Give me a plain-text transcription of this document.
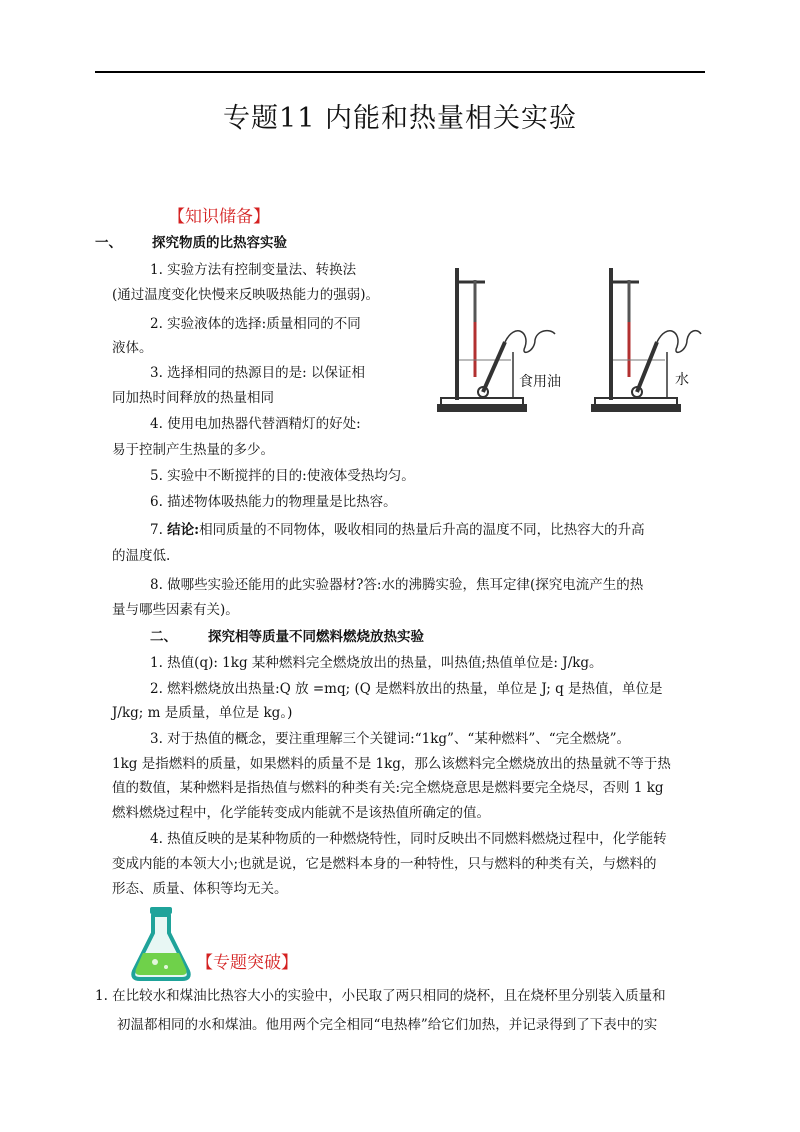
专题11 内能和热量相关实验
【知识储备】
一、 探究物质的比热容实验
1. 实验方法有控制变量法、转换法
(通过温度变化快慢来反映吸热能力的强弱)。
2. 实验液体的选择:质量相同的不同
液体。
3. 选择相同的热源目的是: 以保证相
同加热时间释放的热量相同
4. 使用电加热器代替酒精灯的好处:
易于控制产生热量的多少。
5. 实验中不断搅拌的目的:使液体受热均匀。
6. 描述物体吸热能力的物理量是比热容。
7. 结论:相同质量的不同物体，吸收相同的热量后升高的温度不同，比热容大的升高
的温度低.
8. 做哪些实验还能用的此实验器材?答:水的沸腾实验，焦耳定律(探究电流产生的热
量与哪些因素有关)。
食用油	水
二、 探究相等质量不同燃料燃烧放热实验
1. 热值(q): 1kg 某种燃料完全燃烧放出的热量，叫热值;热值单位是: J/kg。
2. 燃料燃烧放出热量:Q 放 =mq; (Q 是燃料放出的热量，单位是 J; q 是热值，单位是
J/kg; m 是质量，单位是 kg。)
3. 对于热值的概念，要注重理解三个关键词:“1kg”、“某种燃料”、“完全燃烧”。
1kg 是指燃料的质量，如果燃料的质量不是 1kg，那么该燃料完全燃烧放出的热量就不等于热
值的数值，某种燃料是指热值与燃料的种类有关:完全燃烧意思是燃料要完全烧尽，否则 1 kg
燃料燃烧过程中，化学能转变成内能就不是该热值所确定的值。
4. 热值反映的是某种物质的一种燃烧特性，同时反映出不同燃料燃烧过程中，化学能转
变成内能的本领大小;也就是说，它是燃料本身的一种特性，只与燃料的种类有关，与燃料的
形态、质量、体积等均无关。
【专题突破】
1. 在比较水和煤油比热容大小的实验中，小民取了两只相同的烧杯，且在烧杯里分别装入质量和
初温都相同的水和煤油。他用两个完全相同“电热棒”给它们加热，并记录得到了下表中的实
